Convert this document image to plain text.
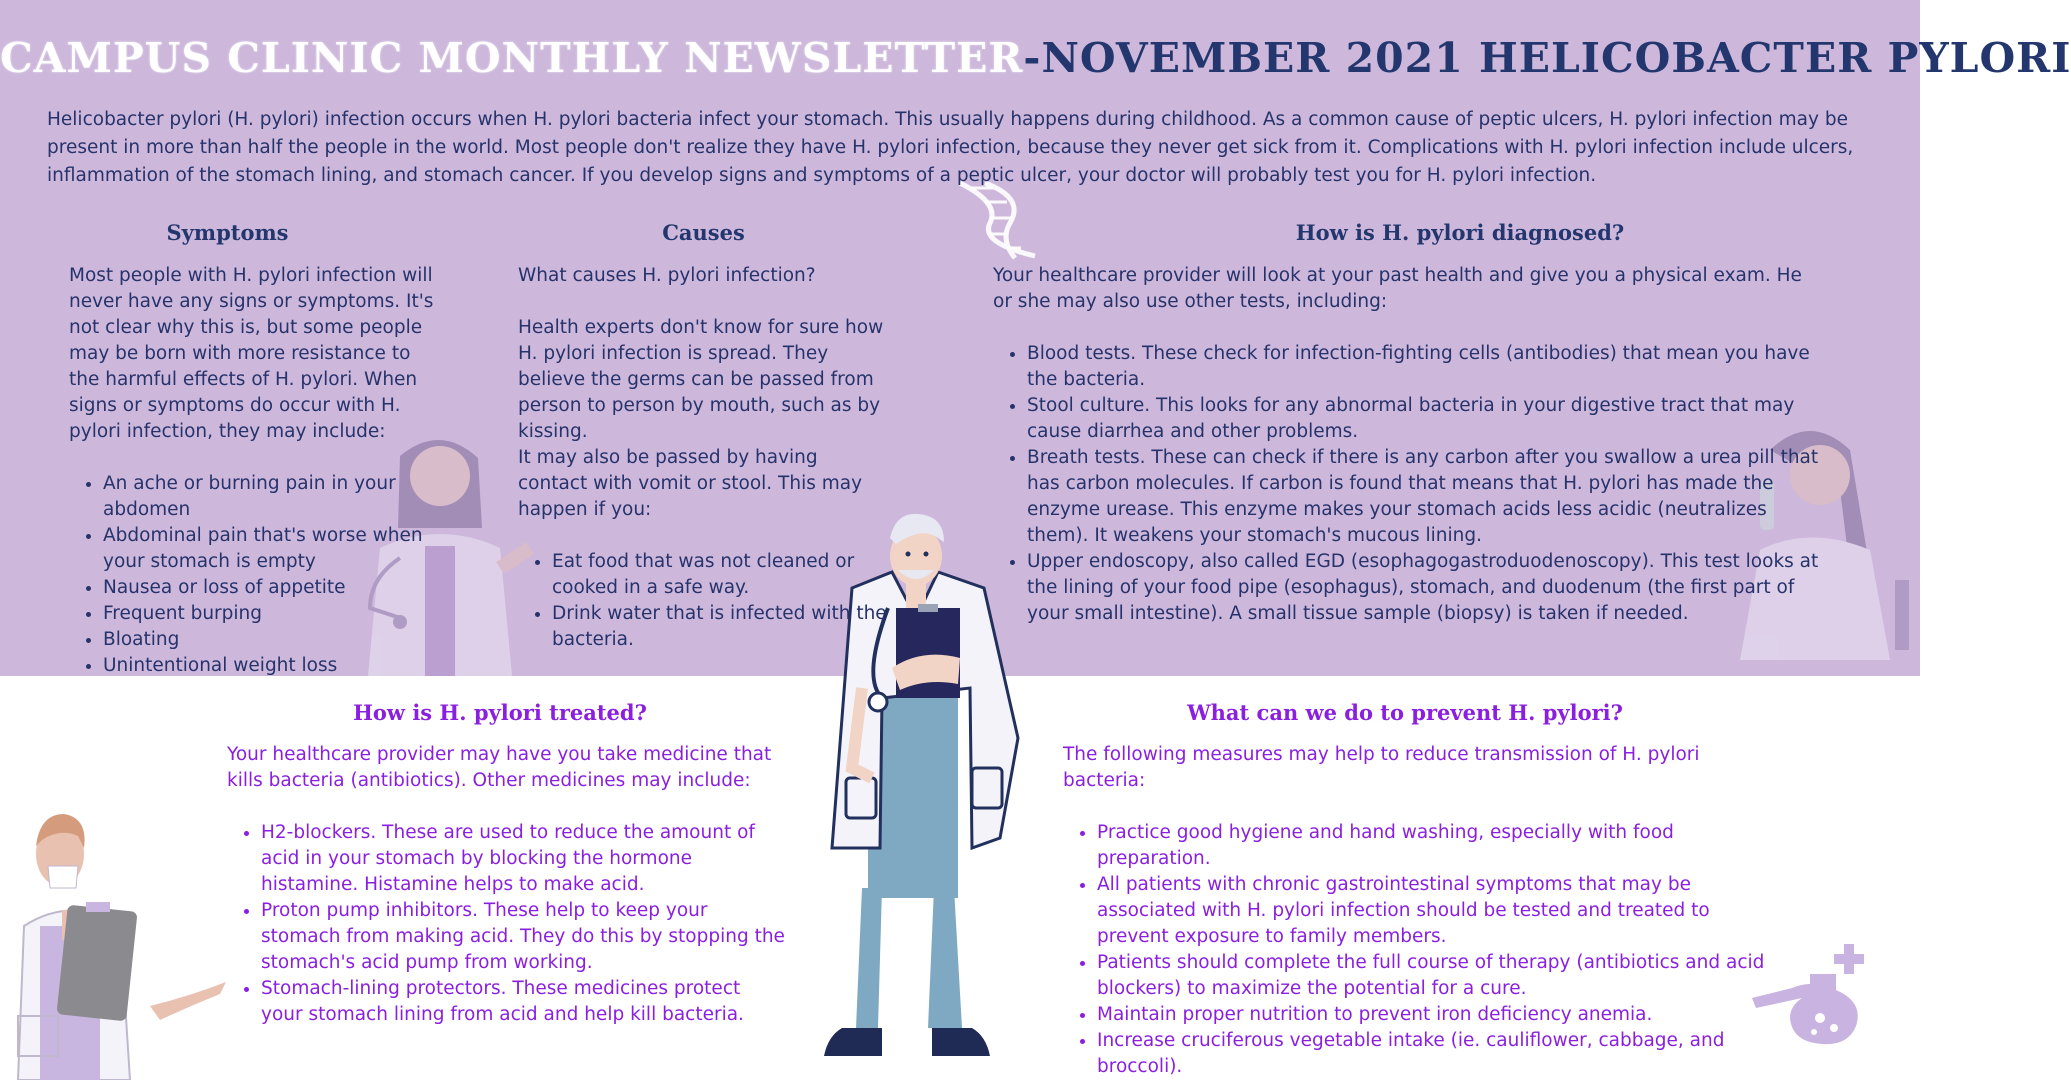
CAMPUS CLINIC MONTHLY NEWSLETTER-NOVEMBER 2021 HELICOBACTER PYLORI

Helicobacter pylori (H. pylori) infection occurs when H. pylori bacteria infect your stomach. This usually happens during childhood. As a common cause of peptic ulcers, H. pylori infection may be present in more than half the people in the world. Most people don't realize they have H. pylori infection, because they never get sick from it. Complications with H. pylori infection include ulcers, inflammation of the stomach lining, and stomach cancer. If you develop signs and symptoms of a peptic ulcer, your doctor will probably test you for H. pylori infection.

Symptoms

Most people with H. pylori infection will never have any signs or symptoms. It's not clear why this is, but some people may be born with more resistance to the harmful effects of H. pylori. When signs or symptoms do occur with H. pylori infection, they may include:

• An ache or burning pain in your abdomen
• Abdominal pain that's worse when your stomach is empty
• Nausea or loss of appetite
• Frequent burping
• Bloating
• Unintentional weight loss
Causes

What causes H. pylori infection?

Health experts don't know for sure how H. pylori infection is spread. They believe the germs can be passed from person to person by mouth, such as by kissing.

It may also be passed by having contact with vomit or stool. This may happen if you:

• Eat food that was not cleaned or cooked in a safe way.
• Drink water that is infected with the bacteria.
How is H. pylori diagnosed?

Your healthcare provider will look at your past health and give you a physical exam. He or she may also use other tests, including:

• Blood tests. These check for infection-fighting cells (antibodies) that mean you have the bacteria.
• Stool culture. This looks for any abnormal bacteria in your digestive tract that may cause diarrhea and other problems.
• Breath tests. These can check if there is any carbon after you swallow a urea pill that has carbon molecules. If carbon is found that means that H. pylori has made the enzyme urease. This enzyme makes your stomach acids less acidic (neutralizes them). It weakens your stomach's mucous lining.
• Upper endoscopy, also called EGD (esophagogastroduodenoscopy). This test looks at the lining of your food pipe (esophagus), stomach, and duodenum (the first part of your small intestine). A small tissue sample (biopsy) is taken if needed.
How is H. pylori treated?

Your healthcare provider may have you take medicine that kills bacteria (antibiotics). Other medicines may include:

• H2-blockers. These are used to reduce the amount of acid in your stomach by blocking the hormone histamine. Histamine helps to make acid.
• Proton pump inhibitors. These help to keep your stomach from making acid. They do this by stopping the stomach's acid pump from working.
• Stomach-lining protectors. These medicines protect your stomach lining from acid and help kill bacteria.
What can we do to prevent H. pylori?

The following measures may help to reduce transmission of H. pylori bacteria:

• Practice good hygiene and hand washing, especially with food preparation.
• All patients with chronic gastrointestinal symptoms that may be associated with H. pylori infection should be tested and treated to prevent exposure to family members.
• Patients should complete the full course of therapy (antibiotics and acid blockers) to maximize the potential for a cure.
• Maintain proper nutrition to prevent iron deficiency anemia.
• Increase cruciferous vegetable intake (ie. cauliflower, cabbage, and broccoli).
